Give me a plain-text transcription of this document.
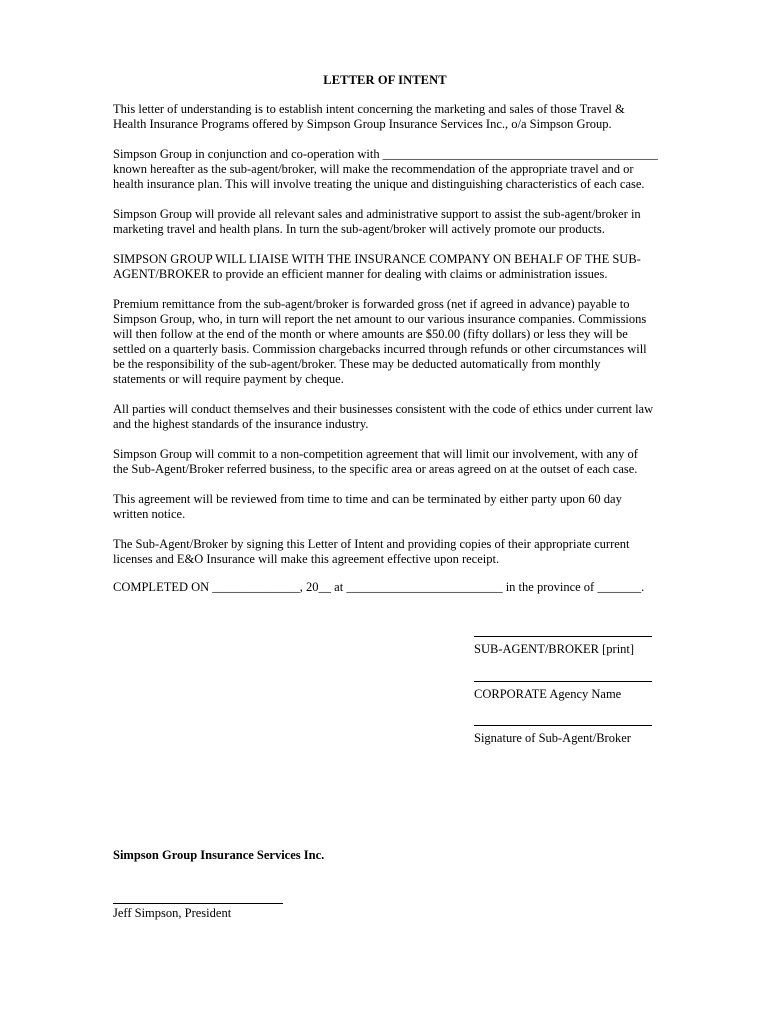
LETTER OF INTENT

This letter of understanding is to establish intent concerning the marketing and sales of those Travel &
Health Insurance Programs offered by Simpson Group Insurance Services Inc., o/a Simpson Group.

Simpson Group in conjunction and co-operation with ____________________________________________
known hereafter as the sub-agent/broker, will make the recommendation of the appropriate travel and or
health insurance plan. This will involve treating the unique and distinguishing characteristics of each case.

Simpson Group will provide all relevant sales and administrative support to assist the sub-agent/broker in
marketing travel and health plans. In turn the sub-agent/broker will actively promote our products.

SIMPSON GROUP WILL LIAISE WITH THE INSURANCE COMPANY ON BEHALF OF THE SUB-
AGENT/BROKER to provide an efficient manner for dealing with claims or administration issues.

Premium remittance from the sub-agent/broker is forwarded gross (net if agreed in advance) payable to
Simpson Group, who, in turn will report the net amount to our various insurance companies. Commissions
will then follow at the end of the month or where amounts are $50.00 (fifty dollars) or less they will be
settled on a quarterly basis. Commission chargebacks incurred through refunds or other circumstances will
be the responsibility of the sub-agent/broker. These may be deducted automatically from monthly
statements or will require payment by cheque.

All parties will conduct themselves and their businesses consistent with the code of ethics under current law
and the highest standards of the insurance industry.

Simpson Group will commit to a non-competition agreement that will limit our involvement, with any of
the Sub-Agent/Broker referred business, to the specific area or areas agreed on at the outset of each case.

This agreement will be reviewed from time to time and can be terminated by either party upon 60 day
written notice.

The Sub-Agent/Broker by signing this Letter of Intent and providing copies of their appropriate current
licenses and E&O Insurance will make this agreement effective upon receipt.

COMPLETED ON ______________, 20__ at _________________________ in the province of _______.
SUB-AGENT/BROKER [print]
CORPORATE Agency Name
Signature of Sub-Agent/Broker
Simpson Group Insurance Services Inc.
Jeff Simpson, President
